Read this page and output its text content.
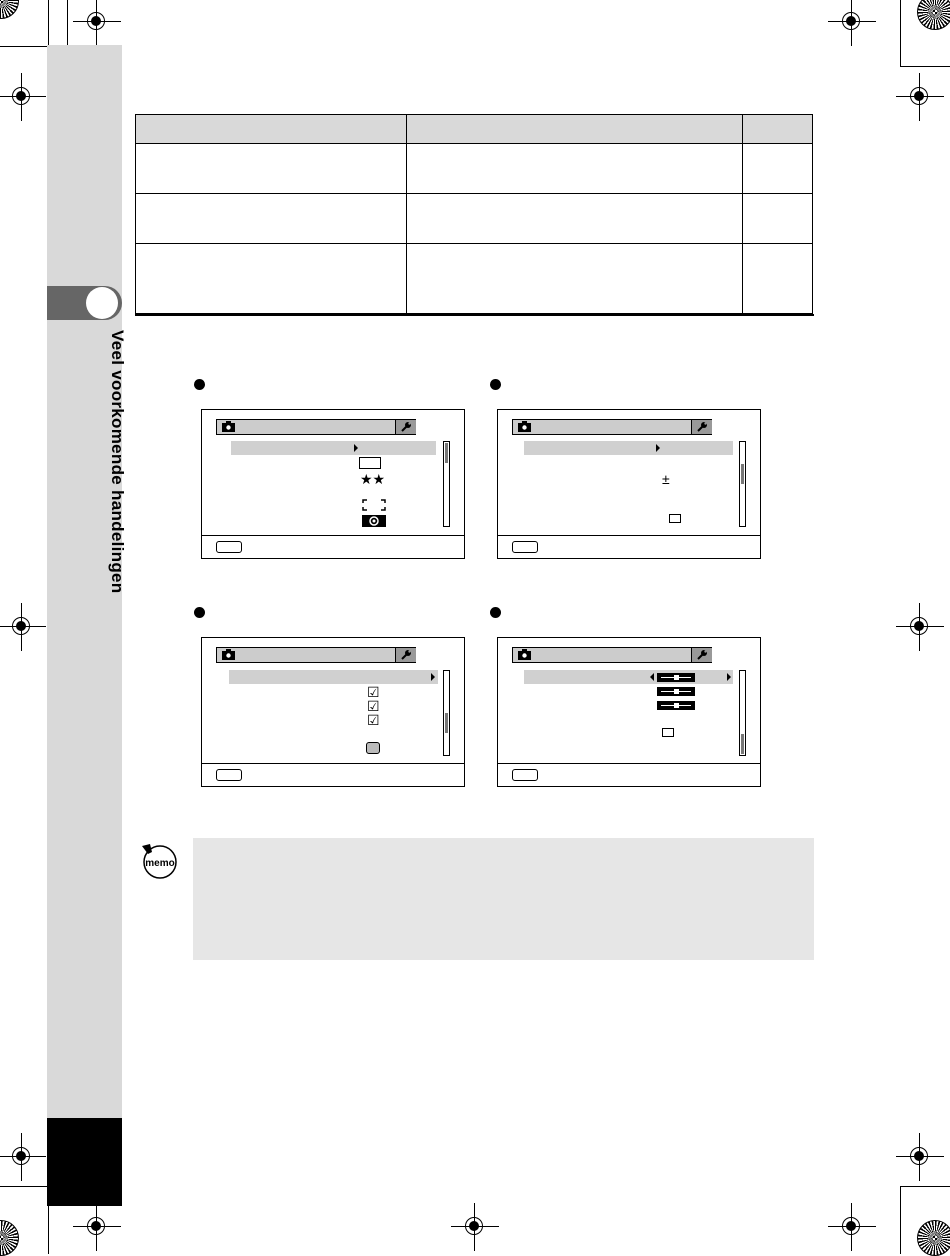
Veel voorkomende handelingen

			★★	±
☑
☑
☑
memo
